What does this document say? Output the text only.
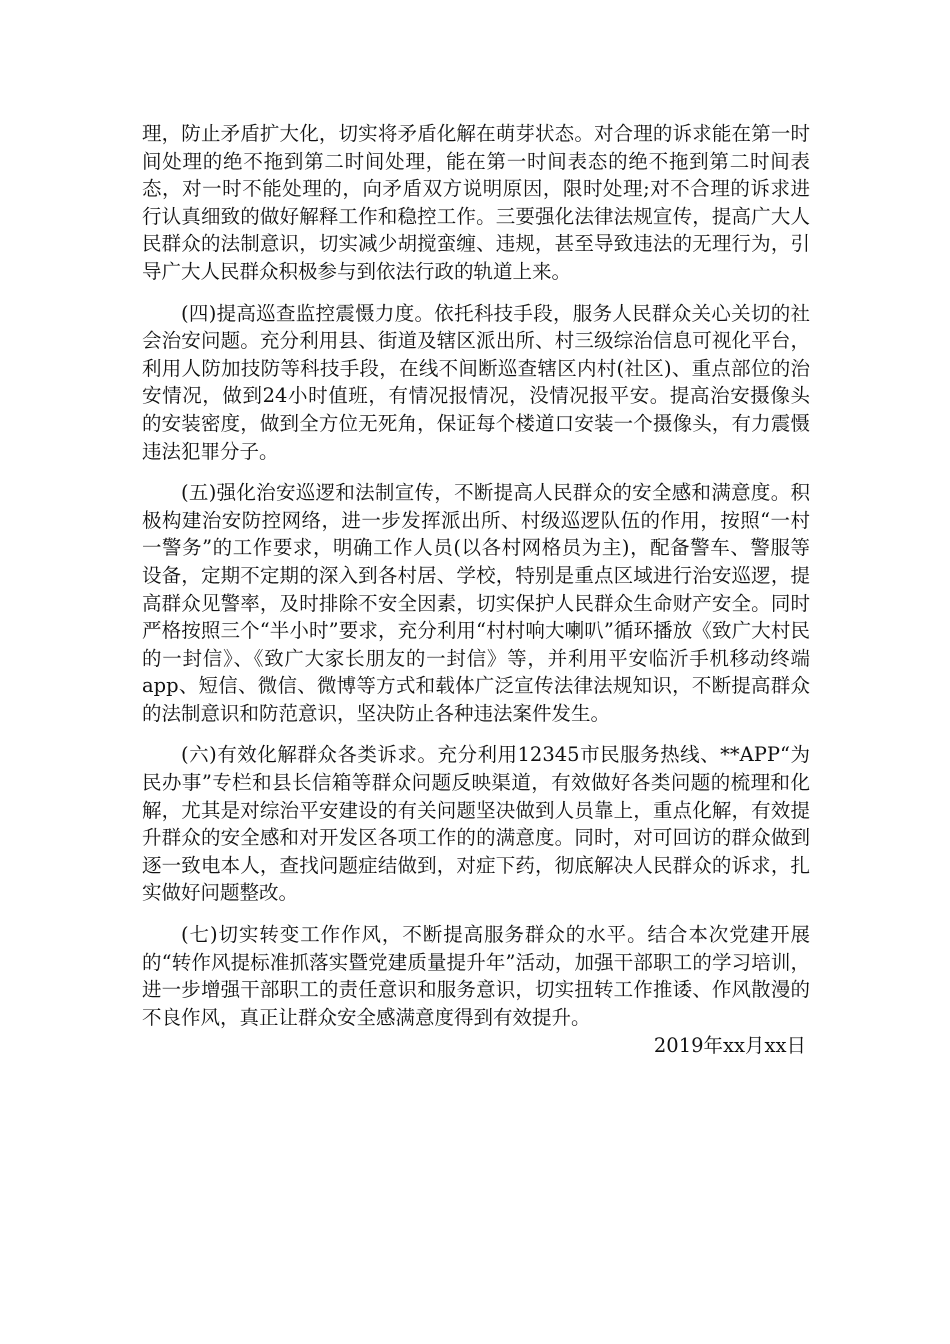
理，防止矛盾扩大化，切实将矛盾化解在萌芽状态。对合理的诉求能在第一时间处理的绝不拖到第二时间处理，能在第一时间表态的绝不拖到第二时间表态，对一时不能处理的，向矛盾双方说明原因，限时处理;对不合理的诉求进行认真细致的做好解释工作和稳控工作。三要强化法律法规宣传，提高广大人民群众的法制意识，切实减少胡搅蛮缠、违规，甚至导致违法的无理行为，引导广大人民群众积极参与到依法行政的轨道上来。

(四)提高巡查监控震慑力度。依托科技手段，服务人民群众关心关切的社会治安问题。充分利用县、街道及辖区派出所、村三级综治信息可视化平台，利用人防加技防等科技手段，在线不间断巡查辖区内村(社区)、重点部位的治安情况，做到24小时值班，有情况报情况，没情况报平安。提高治安摄像头的安装密度，做到全方位无死角，保证每个楼道口安装一个摄像头，有力震慑违法犯罪分子。

(五)强化治安巡逻和法制宣传，不断提高人民群众的安全感和满意度。积极构建治安防控网络，进一步发挥派出所、村级巡逻队伍的作用，按照“一村一警务”的工作要求，明确工作人员(以各村网格员为主)，配备警车、警服等设备，定期不定期的深入到各村居、学校，特别是重点区域进行治安巡逻，提高群众见警率，及时排除不安全因素，切实保护人民群众生命财产安全。同时严格按照三个“半小时”要求，充分利用“村村响大喇叭”循环播放《致广大村民的一封信》、《致广大家长朋友的一封信》等，并利用平安临沂手机移动终端app、短信、微信、微博等方式和载体广泛宣传法律法规知识，不断提高群众的法制意识和防范意识，坚决防止各种违法案件发生。

(六)有效化解群众各类诉求。充分利用12345市民服务热线、**APP“为民办事”专栏和县长信箱等群众问题反映渠道，有效做好各类问题的梳理和化解，尤其是对综治平安建设的有关问题坚决做到人员靠上，重点化解，有效提升群众的安全感和对开发区各项工作的的满意度。同时，对可回访的群众做到逐一致电本人，查找问题症结做到，对症下药，彻底解决人民群众的诉求，扎实做好问题整改。

(七)切实转变工作作风，不断提高服务群众的水平。结合本次党建开展的“转作风提标准抓落实暨党建质量提升年”活动，加强干部职工的学习培训，进一步增强干部职工的责任意识和服务意识，切实扭转工作推诿、作风散漫的不良作风，真正让群众安全感满意度得到有效提升。

2019年xx月xx日
